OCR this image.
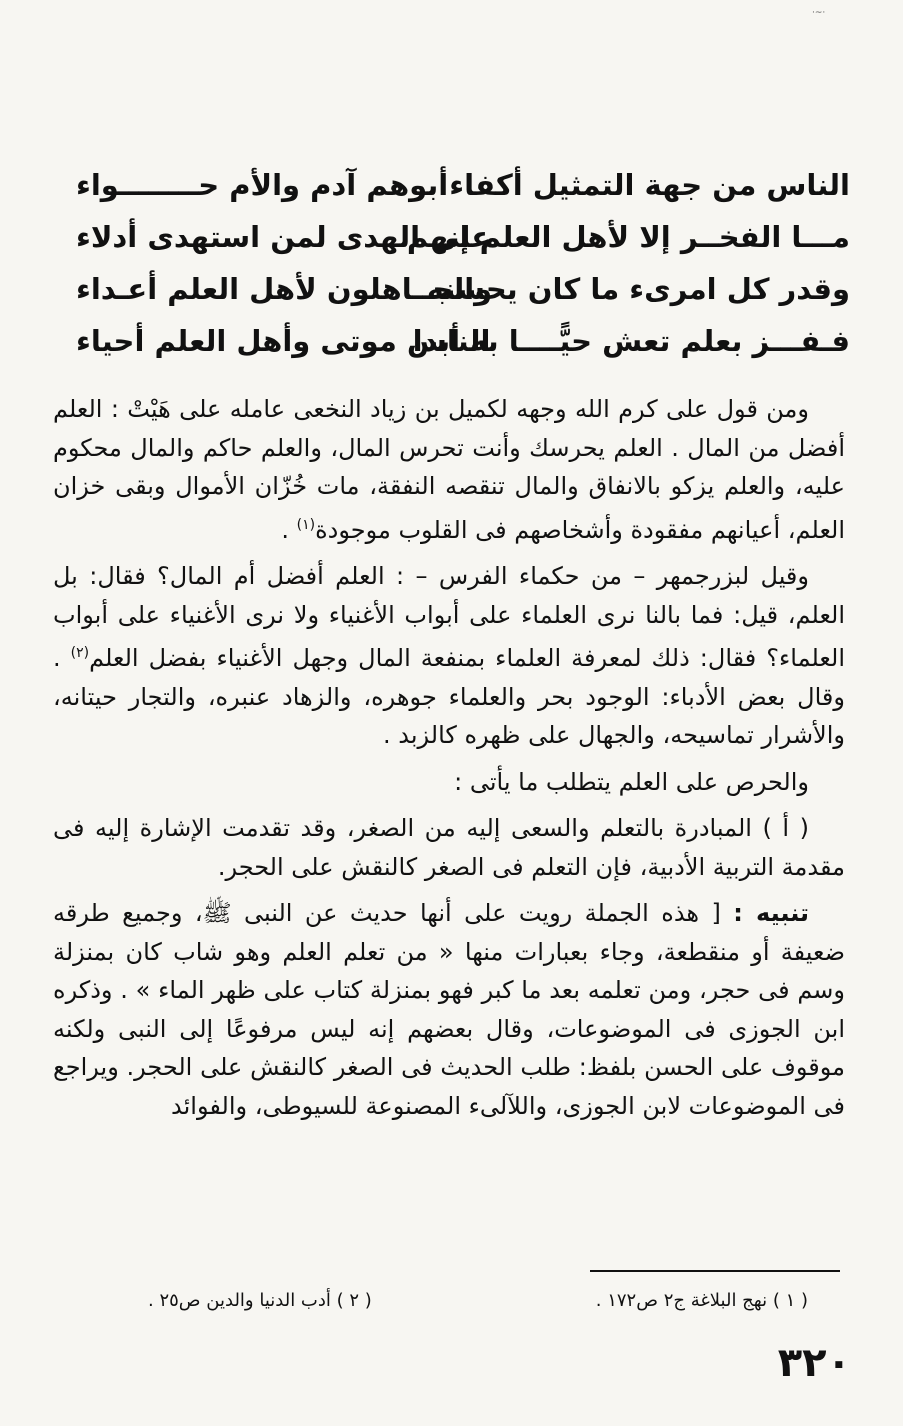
·~·
الناس من جهة التمثيل أكفاء
أبوهم آدم والأم حــــــــواء
مـــا الفخــر إلا لأهل العلم إنهم
على الهدى لمن استهدى أدلاء
وقدر كل امرىء ما كان يحسنه
والجــاهلون لأهل العلم أعـداء
فـفـــز بعلم تعش حيًّــــا به أبدا
الناس موتى وأهل العلم أحياء

ومن قول على كرم الله وجهه لكميل بن زياد النخعى عامله على هَيْتْ : العلم أفضل من المال . العلم يحرسك وأنت تحرس المال، والعلم حاكم والمال محكوم عليه، والعلم يزكو بالانفاق والمال تنقصه النفقة، مات خُزّان الأموال وبقى خزان العلم، أعيانهم مفقودة وأشخاصهم فى القلوب موجودة$^{(١)}$ .

وقيل لبزرجمهر – من حكماء الفرس – : العلم أفضل أم المال؟ فقال: بل العلم، قيل: فما بالنا نرى العلماء على أبواب الأغنياء ولا نرى الأغنياء على أبواب العلماء؟ فقال: ذلك لمعرفة العلماء بمنفعة المال وجهل الأغنياء بفضل العلم$^{(٢)}$ . وقال بعض الأدباء: الوجود بحر والعلماء جوهره، والزهاد عنبره، والتجار حيتانه، والأشرار تماسيحه، والجهال على ظهره كالزبد .

والحرص على العلم يتطلب ما يأتى :

( أ ) المبادرة بالتعلم والسعى إليه من الصغر، وقد تقدمت الإشارة إليه فى مقدمة التربية الأدبية، فإن التعلم فى الصغر كالنقش على الحجر.

تنبيه : [ هذه الجملة رويت على أنها حديث عن النبى ﷺ، وجميع طرقه ضعيفة أو منقطعة، وجاء بعبارات منها « من تعلم العلم وهو شاب كان بمنزلة وسم فى حجر، ومن تعلمه بعد ما كبر فهو بمنزلة كتاب على ظهر الماء » . وذكره ابن الجوزى فى الموضوعات، وقال بعضهم إنه ليس مرفوعًا إلى النبى ولكنه موقوف على الحسن بلفظ: طلب الحديث فى الصغر كالنقش على الحجر. ويراجع فى الموضوعات لابن الجوزى، واللآلىء المصنوعة للسيوطى، والفوائد

( ١ ) نهج البلاغة ج٢ ص١٧٢ .
( ٢ ) أدب الدنيا والدين ص٢٥ .
٣٢٠
